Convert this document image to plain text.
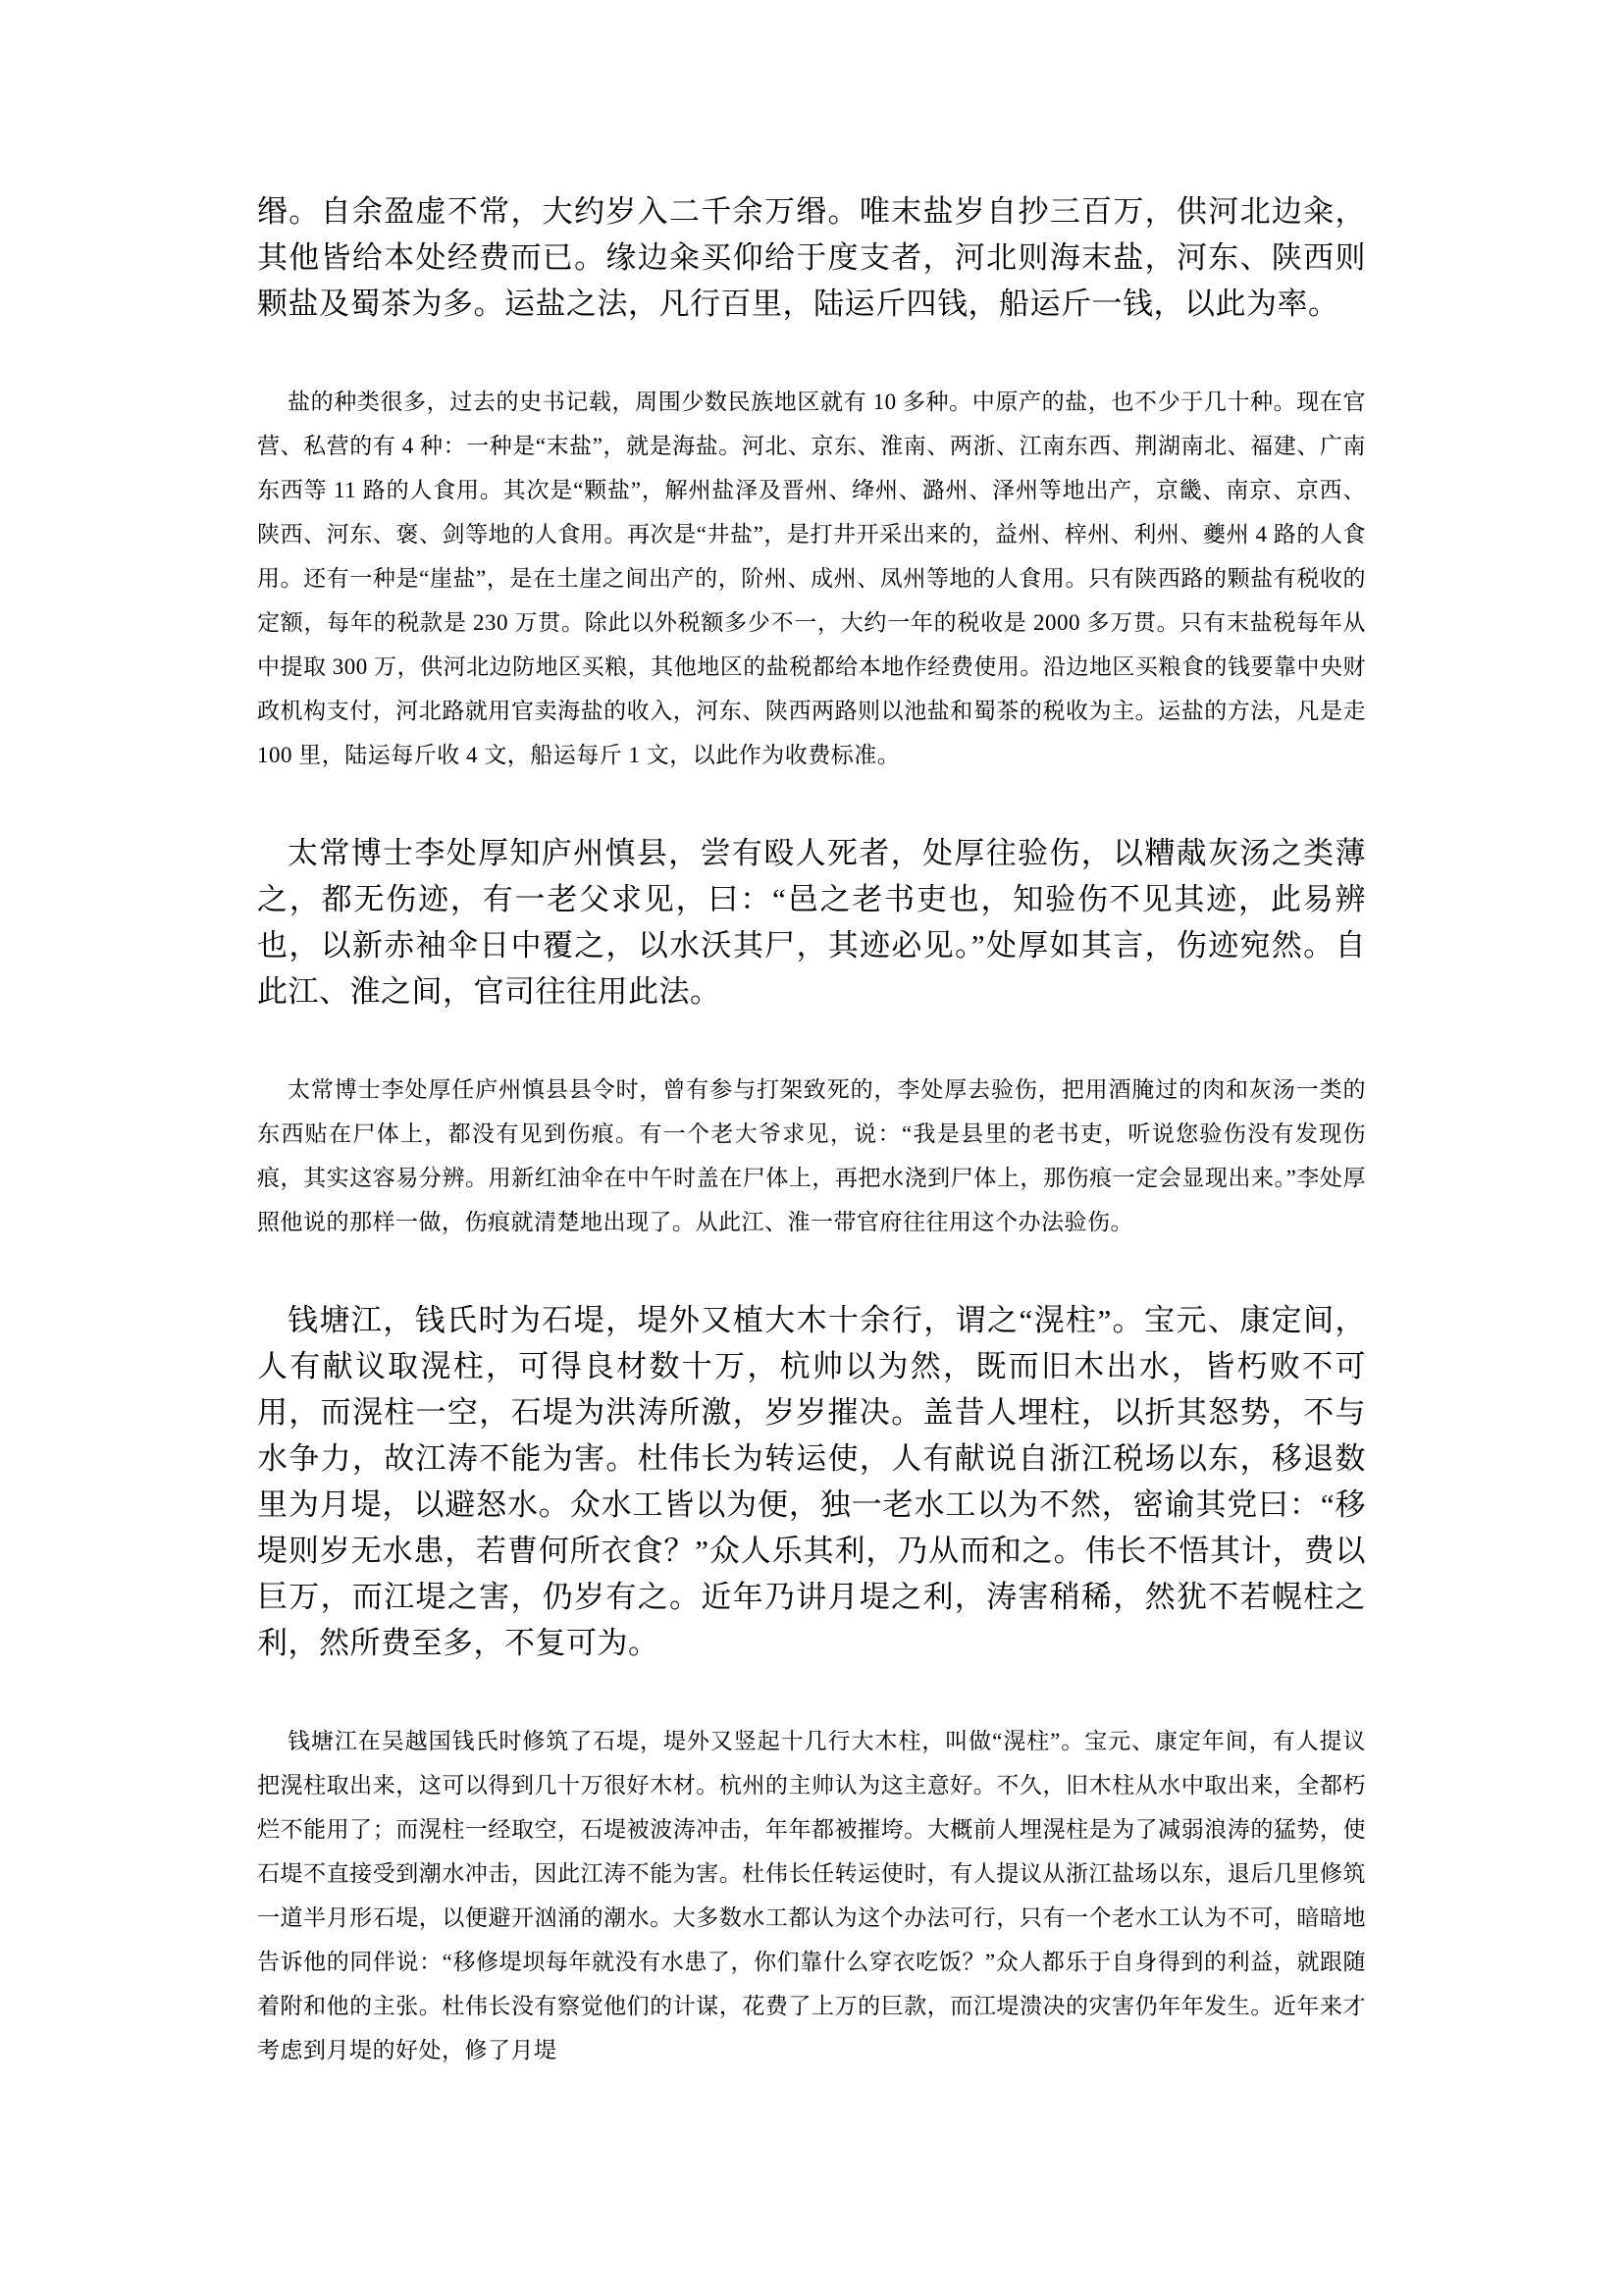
缗。自余盈虚不常，大约岁入二千余万缗。唯末盐岁自抄三百万，供河北边籴，其他皆给本处经费而已。缘边籴买仰给于度支者，河北则海末盐，河东、陕西则颗盐及蜀茶为多。运盐之法，凡行百里，陆运斤四钱，船运斤一钱，以此为率。

盐的种类很多，过去的史书记载，周围少数民族地区就有 10 多种。中原产的盐，也不少于几十种。现在官营、私营的有 4 种：一种是“末盐”，就是海盐。河北、京东、淮南、两浙、江南东西、荆湖南北、福建、广南东西等 11 路的人食用。其次是“颗盐”，解州盐泽及晋州、绛州、潞州、泽州等地出产，京畿、南京、京西、陕西、河东、褒、剑等地的人食用。再次是“井盐”，是打井开采出来的，益州、梓州、利州、夔州 4 路的人食用。还有一种是“崖盐”，是在土崖之间出产的，阶州、成州、凤州等地的人食用。只有陕西路的颗盐有税收的定额，每年的税款是 230 万贯。除此以外税额多少不一，大约一年的税收是 2000 多万贯。只有末盐税每年从中提取 300 万，供河北边防地区买粮，其他地区的盐税都给本地作经费使用。沿边地区买粮食的钱要靠中央财政机构支付，河北路就用官卖海盐的收入，河东、陕西两路则以池盐和蜀茶的税收为主。运盐的方法，凡是走 100 里，陆运每斤收 4 文，船运每斤 1 文，以此作为收费标准。

太常博士李处厚知庐州慎县，尝有殴人死者，处厚往验伤，以糟胾灰汤之类薄之，都无伤迹，有一老父求见，曰：“邑之老书吏也，知验伤不见其迹，此易辨也，以新赤袖伞日中覆之，以水沃其尸，其迹必见。”处厚如其言，伤迹宛然。自此江、淮之间，官司往往用此法。

太常博士李处厚任庐州慎县县令时，曾有参与打架致死的，李处厚去验伤，把用酒腌过的肉和灰汤一类的东西贴在尸体上，都没有见到伤痕。有一个老大爷求见，说：“我是县里的老书吏，听说您验伤没有发现伤痕，其实这容易分辨。用新红油伞在中午时盖在尸体上，再把水浇到尸体上，那伤痕一定会显现出来。”李处厚照他说的那样一做，伤痕就清楚地出现了。从此江、淮一带官府往往用这个办法验伤。

钱塘江，钱氏时为石堤，堤外又植大木十余行，谓之“滉柱”。宝元、康定间，人有献议取滉柱，可得良材数十万，杭帅以为然，既而旧木出水，皆朽败不可用，而滉柱一空，石堤为洪涛所激，岁岁摧决。盖昔人埋柱，以折其怒势，不与水争力，故江涛不能为害。杜伟长为转运使，人有献说自浙江税场以东，移退数里为月堤，以避怒水。众水工皆以为便，独一老水工以为不然，密谕其党曰：“移堤则岁无水患，若曹何所衣食？”众人乐其利，乃从而和之。伟长不悟其计，费以巨万，而江堤之害，仍岁有之。近年乃讲月堤之利，涛害稍稀，然犹不若幌柱之利，然所费至多，不复可为。

钱塘江在吴越国钱氏时修筑了石堤，堤外又竖起十几行大木柱，叫做“滉柱”。宝元、康定年间，有人提议把滉柱取出来，这可以得到几十万很好木材。杭州的主帅认为这主意好。不久，旧木柱从水中取出来，全都朽烂不能用了；而滉柱一经取空，石堤被波涛冲击，年年都被摧垮。大概前人埋滉柱是为了减弱浪涛的猛势，使石堤不直接受到潮水冲击，因此江涛不能为害。杜伟长任转运使时，有人提议从浙江盐场以东，退后几里修筑一道半月形石堤，以便避开汹涌的潮水。大多数水工都认为这个办法可行，只有一个老水工认为不可，暗暗地告诉他的同伴说：“移修堤坝每年就没有水患了，你们靠什么穿衣吃饭？”众人都乐于自身得到的利益，就跟随着附和他的主张。杜伟长没有察觉他们的计谋，花费了上万的巨款，而江堤溃决的灾害仍年年发生。近年来才考虑到月堤的好处，修了月堤
